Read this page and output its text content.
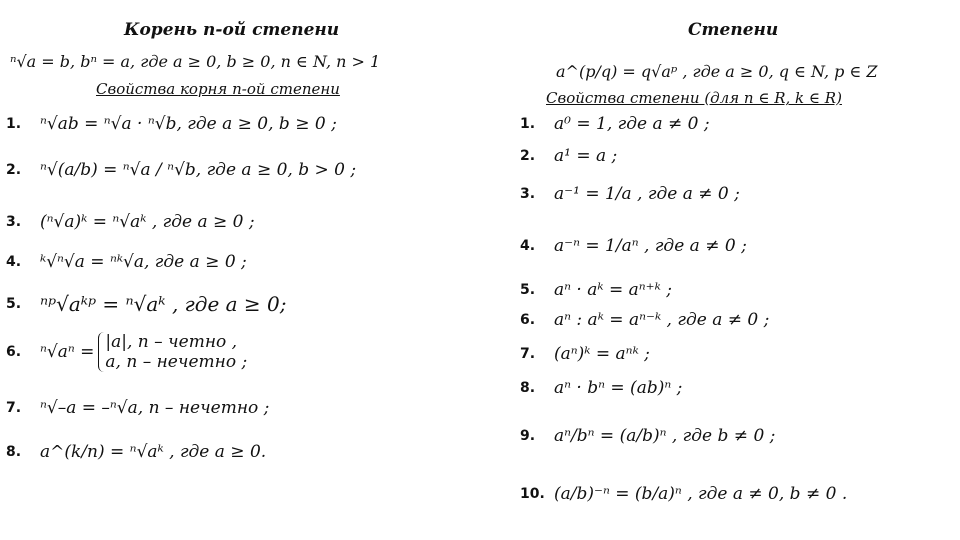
Корень n-ой степени
ⁿ√a = b, bⁿ = a, где a ≥ 0, b ≥ 0, n ∈ N, n > 1
Свойства корня n-ой степени
1.	ⁿ√ab = ⁿ√a · ⁿ√b, где a ≥ 0, b ≥ 0 ;
2.	ⁿ√(a/b) = ⁿ√a / ⁿ√b, где a ≥ 0, b > 0 ;
3.	(ⁿ√a)ᵏ = ⁿ√aᵏ , где a ≥ 0 ;
4.	ᵏ√ⁿ√a = ⁿᵏ√a, где a ≥ 0 ;
5. ⁿᵖ√aᵏᵖ = ⁿ√aᵏ , где a ≥ 0;
6.	ⁿ√aⁿ = |a|, n – четно ,
a, n – нечетно ;
7.	ⁿ√–a = –ⁿ√a, n – нечетно ;
8.	a^(k/n) = ⁿ√aᵏ , где a ≥ 0.
Степени
a^(p/q) = q√aᵖ , где a ≥ 0, q ∈ N, p ∈ Z
Свойства степени (для n ∈ R, k ∈ R)
1.	a⁰ = 1, где a ≠ 0 ;
2.	a¹ = a ;
3.	a⁻¹ = 1/a , где a ≠ 0 ;
4.	a⁻ⁿ = 1/aⁿ , где a ≠ 0 ;
5.	aⁿ · aᵏ = aⁿ⁺ᵏ ;
6.	aⁿ : aᵏ = aⁿ⁻ᵏ , где a ≠ 0 ;
7.	(aⁿ)ᵏ = aⁿᵏ ;
8.	aⁿ · bⁿ = (ab)ⁿ ;
9.	aⁿ/bⁿ = (a/b)ⁿ , где b ≠ 0 ;
10. (a/b)⁻ⁿ = (b/a)ⁿ , где a ≠ 0, b ≠ 0 .
